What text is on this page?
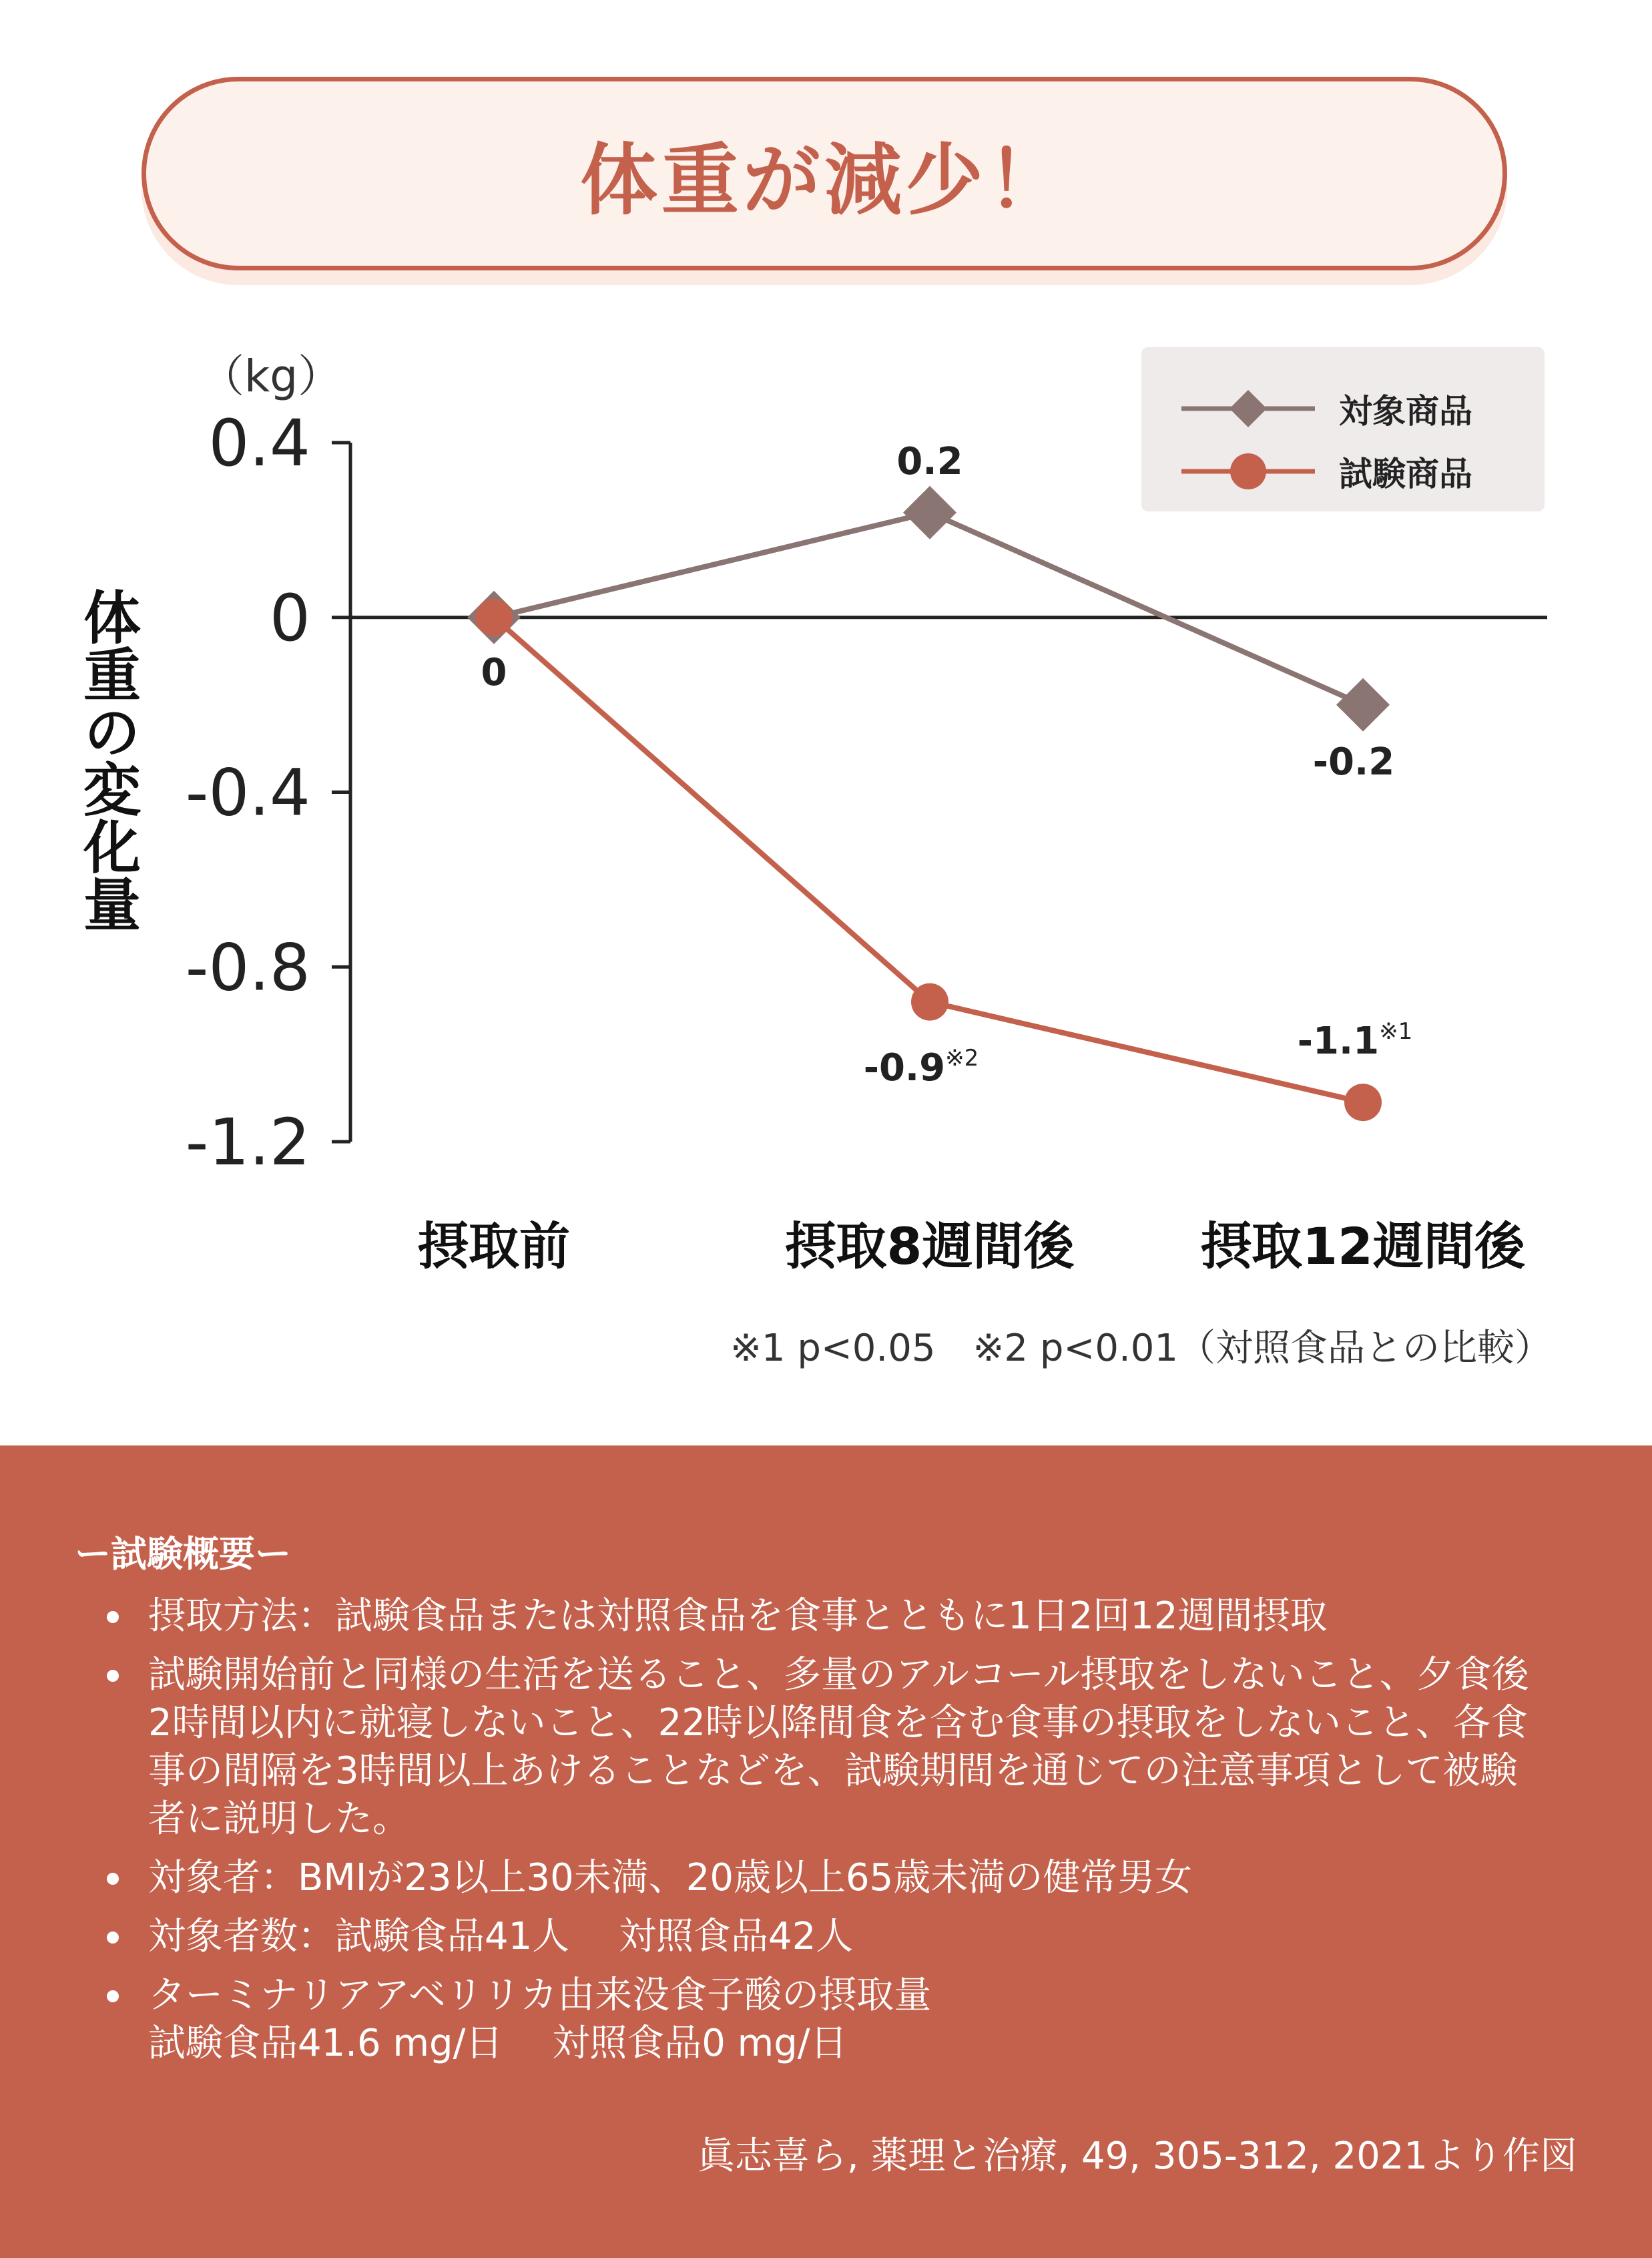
体重が減少！
（kg）
体重の変化量
0.4
0
-0.4
-0.8
-1.2
摂取前	摂取8週間後 摂取12週間後
0.2
-0.2
0
-0.9$^{※2}$	-1.1$^{※1}$
対象商品
試験商品
※1 p<0.05　※2 p<0.01（対照食品との比較）
ー試験概要ー
摂取方法：試験食品または対照食品を食事とともに1日2回12週間摂取
試験開始前と同様の生活を送ること、多量のアルコール摂取をしないこと、夕食後
2時間以内に就寝しないこと、22時以降間食を含む食事の摂取をしないこと、各食
事の間隔を3時間以上あけることなどを、試験期間を通じての注意事項として被験
者に説明した。
対象者：BMIが23以上30未満、20歳以上65歳未満の健常男女
対象者数：試験食品41人　 対照食品42人
ターミナリアアベリリカ由来没食子酸の摂取量
試験食品41.6 mg/日　 対照食品0 mg/日
眞志喜ら, 薬理と治療, 49, 305-312, 2021より作図
